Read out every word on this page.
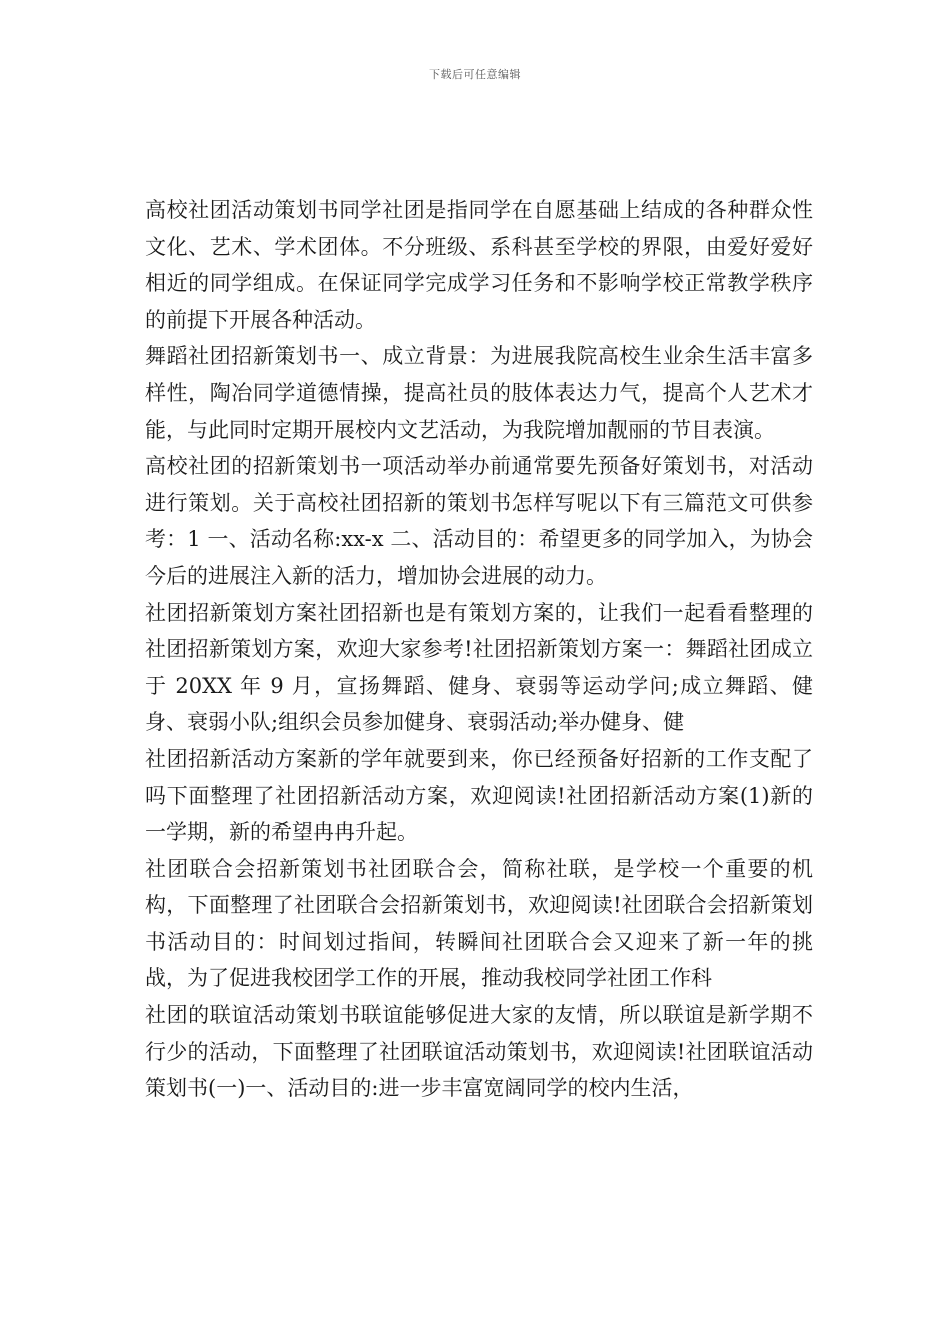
下载后可任意编辑

高校社团活动策划书同学社团是指同学在自愿基础上结成的各种群众性文化、艺术、学术团体。不分班级、系科甚至学校的界限，由爱好爱好相近的同学组成。在保证同学完成学习任务和不影响学校正常教学秩序的前提下开展各种活动。

舞蹈社团招新策划书一、成立背景：为进展我院高校生业余生活丰富多样性，陶冶同学道德情操，提高社员的肢体表达力气，提高个人艺术才能，与此同时定期开展校内文艺活动，为我院增加靓丽的节目表演。

高校社团的招新策划书一项活动举办前通常要先预备好策划书，对活动进行策划。关于高校社团招新的策划书怎样写呢以下有三篇范文可供参考：1 一、活动名称:xx-x 二、活动目的：希望更多的同学加入，为协会今后的进展注入新的活力，增加协会进展的动力。

社团招新策划方案社团招新也是有策划方案的，让我们一起看看整理的社团招新策划方案，欢迎大家参考!社团招新策划方案一：舞蹈社团成立于 20XX 年 9 月，宣扬舞蹈、健身、衰弱等运动学问;成立舞蹈、健身、衰弱小队;组织会员参加健身、衰弱活动;举办健身、健

社团招新活动方案新的学年就要到来，你已经预备好招新的工作支配了吗下面整理了社团招新活动方案，欢迎阅读!社团招新活动方案(1)新的一学期，新的希望冉冉升起。

社团联合会招新策划书社团联合会，简称社联，是学校一个重要的机构，下面整理了社团联合会招新策划书，欢迎阅读!社团联合会招新策划书活动目的：时间划过指间，转瞬间社团联合会又迎来了新一年的挑战，为了促进我校团学工作的开展，推动我校同学社团工作科

社团的联谊活动策划书联谊能够促进大家的友情，所以联谊是新学期不行少的活动，下面整理了社团联谊活动策划书，欢迎阅读!社团联谊活动策划书(一)一、活动目的:进一步丰富宽阔同学的校内生活，
